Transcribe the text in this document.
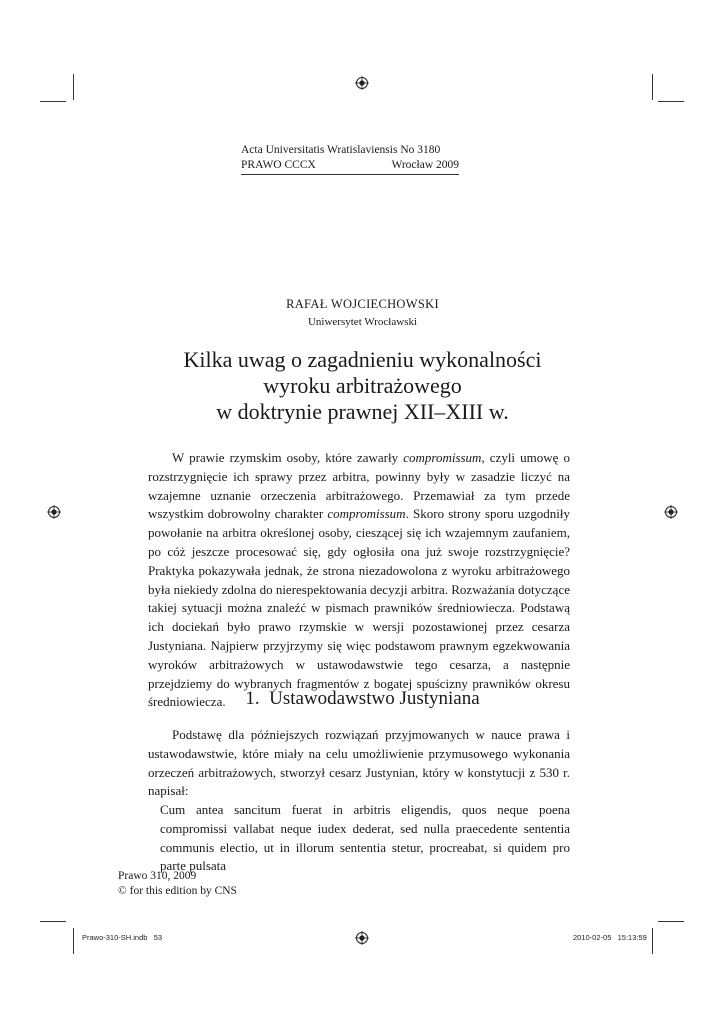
Acta Universitatis Wratislaviensis No 3180
PRAWO CCCX	Wrocław 2009
RAFAŁ WOJCIECHOWSKI
Uniwersytet Wrocławski
Kilka uwag o zagadnieniu wykonalności
wyroku arbitrażowego
w doktrynie prawnej XII–XIII w.

W prawie rzymskim osoby, które zawarły compromissum, czyli umowę o rozstrzygnięcie ich sprawy przez arbitra, powinny były w zasadzie liczyć na wzajemne uznanie orzeczenia arbitrażowego. Przemawiał za tym przede wszystkim dobrowolny charakter compromissum. Skoro strony sporu uzgodniły powołanie na arbitra określonej osoby, cieszącej się ich wzajemnym zaufaniem, po cóż jeszcze procesować się, gdy ogłosiła ona już swoje rozstrzygnięcie? Praktyka pokazywała jednak, że strona niezadowolona z wyroku arbitrażowego była niekiedy zdolna do nierespektowania decyzji arbitra. Rozważania dotyczące takiej sytuacji można znaleźć w pismach prawników średniowiecza. Podstawą ich dociekań było prawo rzymskie w wersji pozostawionej przez cesarza Justyniana. Najpierw przyjrzymy się więc podstawom prawnym egzekwowania wyroków arbitrażowych w ustawodawstwie tego cesarza, a następnie przejdziemy do wybranych fragmentów z bogatej spuścizny prawników okresu średniowiecza.	1. Ustawodawstwo Justyniana

Podstawę dla późniejszych rozwiązań przyjmowanych w nauce prawa i ustawodawstwie, które miały na celu umożliwienie przymusowego wykonania orzeczeń arbitrażowych, stworzył cesarz Justynian, który w konstytucji z 530 r. napisał:

Cum antea sancitum fuerat in arbitris eligendis, quos neque poena compromissi vallabat neque iudex dederat, sed nulla praecedente sententia communis electio, ut in illorum sententia stetur, procreabat, si quidem pro parte pulsata
Prawo 310, 2009
© for this edition by CNS
Prawo-310-SH.indb   53	2010-02-05   15:13:59
